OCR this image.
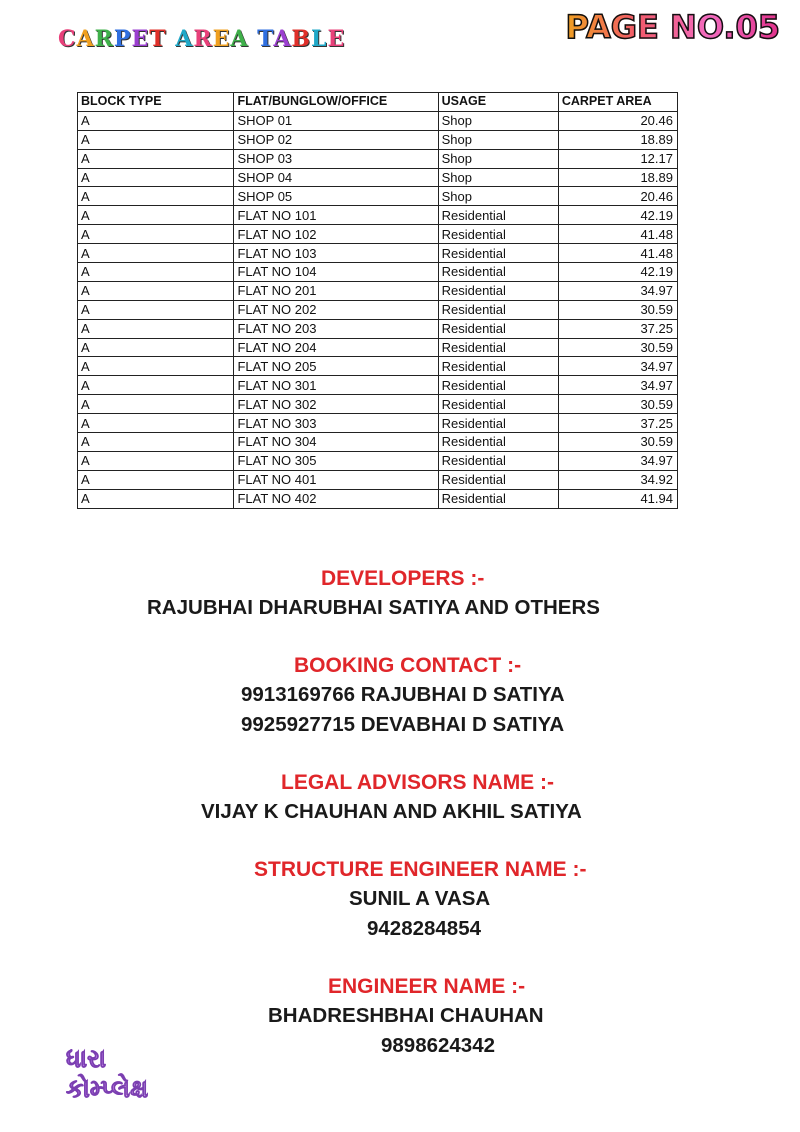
CARPET AREA TABLE	PAGE NO.05
BLOCK TYPE	FLAT/BUNGLOW/OFFICE	USAGE	CARPET AREA
A	SHOP 01	Shop	20.46
A	SHOP 02	Shop	18.89
A	SHOP 03	Shop	12.17
A	SHOP 04	Shop	18.89
A	SHOP 05	Shop	20.46
A	FLAT NO 101	Residential	42.19
A	FLAT NO 102	Residential	41.48
A	FLAT NO 103	Residential	41.48
A	FLAT NO 104	Residential	42.19
A	FLAT NO 201	Residential	34.97
A	FLAT NO 202	Residential	30.59
A	FLAT NO 203	Residential	37.25
A	FLAT NO 204	Residential	30.59
A	FLAT NO 205	Residential	34.97
A	FLAT NO 301	Residential	34.97
A	FLAT NO 302	Residential	30.59
A	FLAT NO 303	Residential	37.25
A	FLAT NO 304	Residential	30.59
A	FLAT NO 305	Residential	34.97
A	FLAT NO 401	Residential	34.92
A	FLAT NO 402	Residential	41.94
DEVELOPERS :-
RAJUBHAI DHARUBHAI SATIYA AND OTHERS
BOOKING CONTACT :-
9913169766 RAJUBHAI D SATIYA
9925927715 DEVABHAI D SATIYA
LEGAL ADVISORS NAME :-
VIJAY K CHAUHAN AND AKHIL SATIYA
STRUCTURE ENGINEER NAME :-
SUNIL A VASA
9428284854
ENGINEER NAME :-
BHADRESHBHAI CHAUHAN
9898624342
ધારા
કોમ્પ્લેક્ષ
